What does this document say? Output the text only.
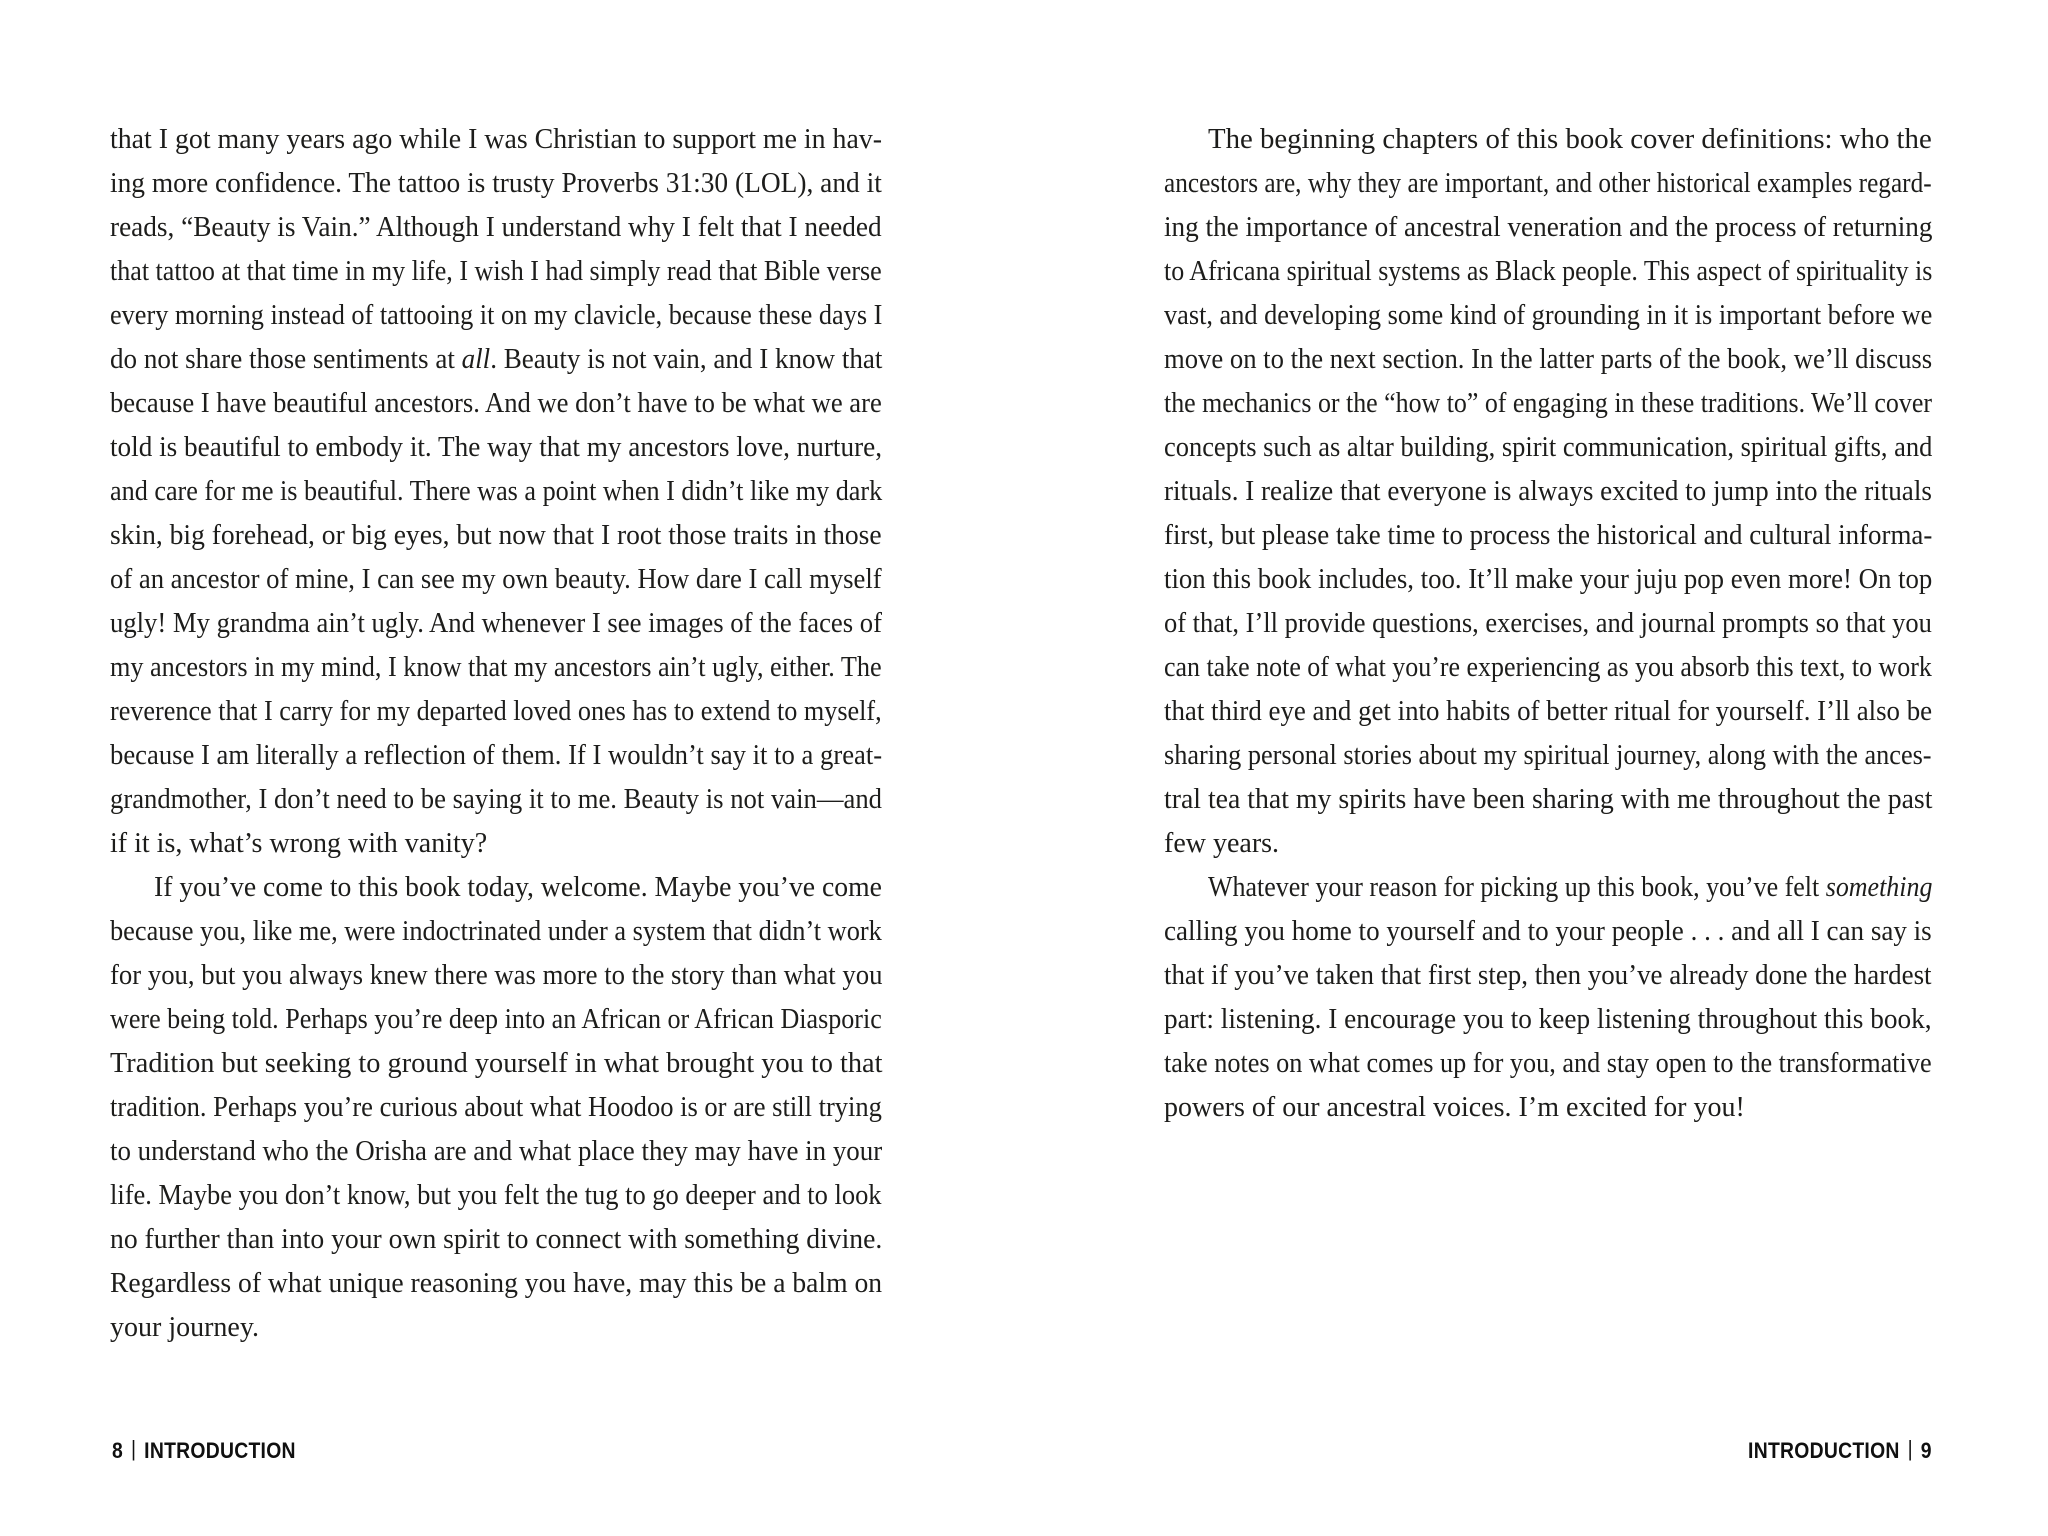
that I got many years ago while I was Christian to support me in hav-
ing more confidence. The tattoo is trusty Proverbs 31:30 (LOL), and it
reads, “Beauty is Vain.” Although I understand why I felt that I needed
that tattoo at that time in my life, I wish I had simply read that Bible verse
every morning instead of tattooing it on my clavicle, because these days I
do not share those sentiments at all. Beauty is not vain, and I know that
because I have beautiful ancestors. And we don’t have to be what we are
told is beautiful to embody it. The way that my ancestors love, nurture,
and care for me is beautiful. There was a point when I didn’t like my dark
skin, big forehead, or big eyes, but now that I root those traits in those
of an ancestor of mine, I can see my own beauty. How dare I call myself
ugly! My grandma ain’t ugly. And whenever I see images of the faces of
my ancestors in my mind, I know that my ancestors ain’t ugly, either. The
reverence that I carry for my departed loved ones has to extend to myself,
because I am literally a reflection of them. If I wouldn’t say it to a great-
grandmother, I don’t need to be saying it to me. Beauty is not vain—and
if it is, what’s wrong with vanity?
If you’ve come to this book today, welcome. Maybe you’ve come
because you, like me, were indoctrinated under a system that didn’t work
for you, but you always knew there was more to the story than what you
were being told. Perhaps you’re deep into an African or African Diasporic
Tradition but seeking to ground yourself in what brought you to that
tradition. Perhaps you’re curious about what Hoodoo is or are still trying
to understand who the Orisha are and what place they may have in your
life. Maybe you don’t know, but you felt the tug to go deeper and to look
no further than into your own spirit to connect with something divine.
Regardless of what unique reasoning you have, may this be a balm on
your journey.
The beginning chapters of this book cover definitions: who the
ancestors are, why they are important, and other historical examples regard-
ing the importance of ancestral veneration and the process of returning
to Africana spiritual systems as Black people. This aspect of spirituality is
vast, and developing some kind of grounding in it is important before we
move on to the next section. In the latter parts of the book, we’ll discuss
the mechanics or the “how to” of engaging in these traditions. We’ll cover
concepts such as altar building, spirit communication, spiritual gifts, and
rituals. I realize that everyone is always excited to jump into the rituals
first, but please take time to process the historical and cultural informa-
tion this book includes, too. It’ll make your juju pop even more! On top
of that, I’ll provide questions, exercises, and journal prompts so that you
can take note of what you’re experiencing as you absorb this text, to work
that third eye and get into habits of better ritual for yourself. I’ll also be
sharing personal stories about my spiritual journey, along with the ances-
tral tea that my spirits have been sharing with me throughout the past
few years.
Whatever your reason for picking up this book, you’ve felt something
calling you home to yourself and to your people . . . and all I can say is
that if you’ve taken that first step, then you’ve already done the hardest
part: listening. I encourage you to keep listening throughout this book,
take notes on what comes up for you, and stay open to the transformative
powers of our ancestral voices. I’m excited for you!
8 | INTRODUCTION	INTRODUCTION | 9
